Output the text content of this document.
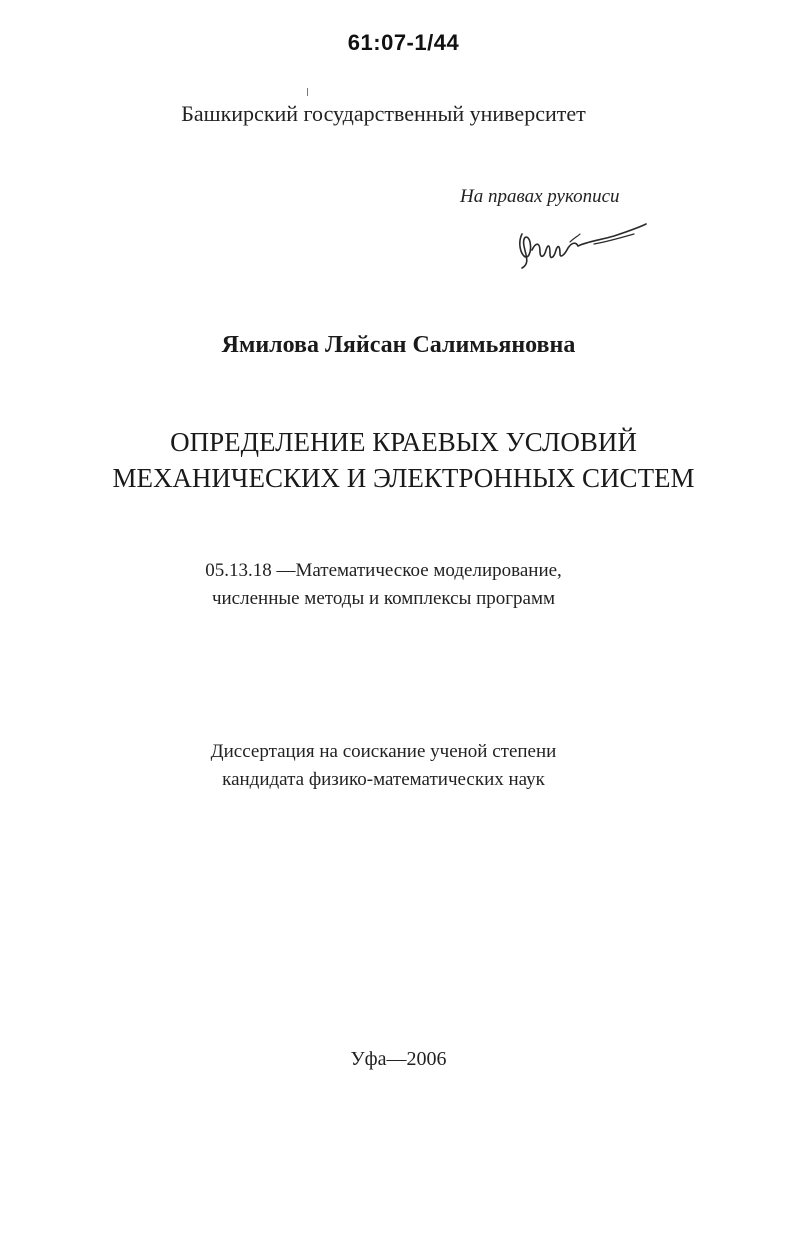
61:07-1/44
Башкирский государственный университет
На правах рукописи
Ямилова Ляйсан Салимьяновна
ОПРЕДЕЛЕНИЕ КРАЕВЫХ УСЛОВИЙ
МЕХАНИЧЕСКИХ И ЭЛЕКТРОННЫХ СИСТЕМ
05.13.18 —Математическое моделирование,
численные методы и комплексы программ
Диссертация на соискание ученой степени
кандидата физико-математических наук
Уфа—2006
